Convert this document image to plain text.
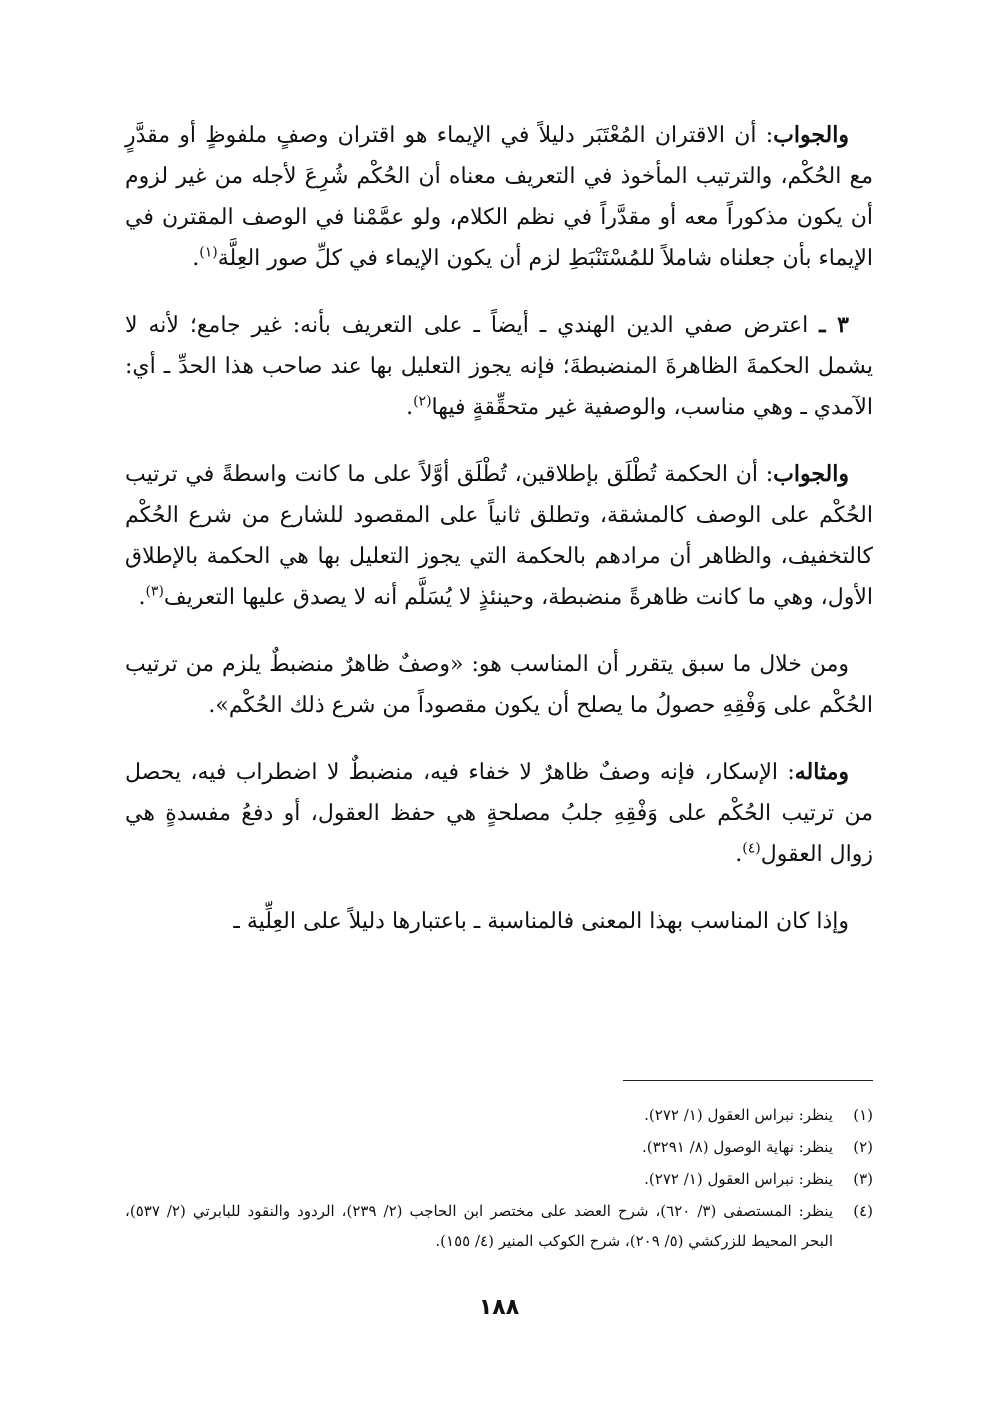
والجواب: أن الاقتران المُعْتَبَر دليلاً في الإيماء هو اقتران وصفٍ ملفوظٍ أو مقدَّرٍ مع الحُكْم، والترتيب المأخوذ في التعريف معناه أن الحُكْم شُرِعَ لأجله من غير لزوم أن يكون مذكوراً معه أو مقدَّراً في نظم الكلام، ولو عمَّمْنا في الوصف المقترن في الإيماء بأن جعلناه شاملاً للمُسْتَنْبَطِ لزم أن يكون الإيماء في كلِّ صور العِلَّة$^{(١)}$.

٣ ـ اعترض صفي الدين الهندي ـ أيضاً ـ على التعريف بأنه: غير جامع؛ لأنه لا يشمل الحكمةَ الظاهرةَ المنضبطةَ؛ فإنه يجوز التعليل بها عند صاحب هذا الحدِّ ـ أي: الآمدي ـ وهي مناسب، والوصفية غير متحقِّقةٍ فيها$^{(٢)}$.

والجواب: أن الحكمة تُطْلَق بإطلاقين، تُطْلَق أوَّلاً على ما كانت واسطةً في ترتيب الحُكْم على الوصف كالمشقة، وتطلق ثانياً على المقصود للشارع من شرع الحُكْم كالتخفيف، والظاهر أن مرادهم بالحكمة التي يجوز التعليل بها هي الحكمة بالإطلاق الأول، وهي ما كانت ظاهرةً منضبطة، وحينئذٍ لا يُسَلَّم أنه لا يصدق عليها التعريف$^{(٣)}$.

ومن خلال ما سبق يتقرر أن المناسب هو: «وصفٌ ظاهرٌ منضبطٌ يلزم من ترتيب الحُكْم على وَفْقِهِ حصولُ ما يصلح أن يكون مقصوداً من شرع ذلك الحُكْم».

ومثاله: الإسكار، فإنه وصفٌ ظاهرٌ لا خفاء فيه، منضبطٌ لا اضطراب فيه، يحصل من ترتيب الحُكْم على وَفْقِهِ جلبُ مصلحةٍ هي حفظ العقول، أو دفعُ مفسدةٍ هي زوال العقول$^{(٤)}$.

وإذا كان المناسب بهذا المعنى فالمناسبة ـ باعتبارها دليلاً على العِلِّية ـ

(١)
ينظر: نبراس العقول (١/ ٢٧٢).
(٢)
ينظر: نهاية الوصول (٨/ ٣٢٩١).
(٣)
ينظر: نبراس العقول (١/ ٢٧٢).
(٤)
ينظر: المستصفى (٣/ ٦٢٠)، شرح العضد على مختصر ابن الحاجب (٢/ ٢٣٩)، الردود والنقود للبابرتي (٢/ ٥٣٧)، البحر المحيط للزركشي (٥/ ٢٠٩)، شرح الكوكب المنير (٤/ ١٥٥).
١٨٨
